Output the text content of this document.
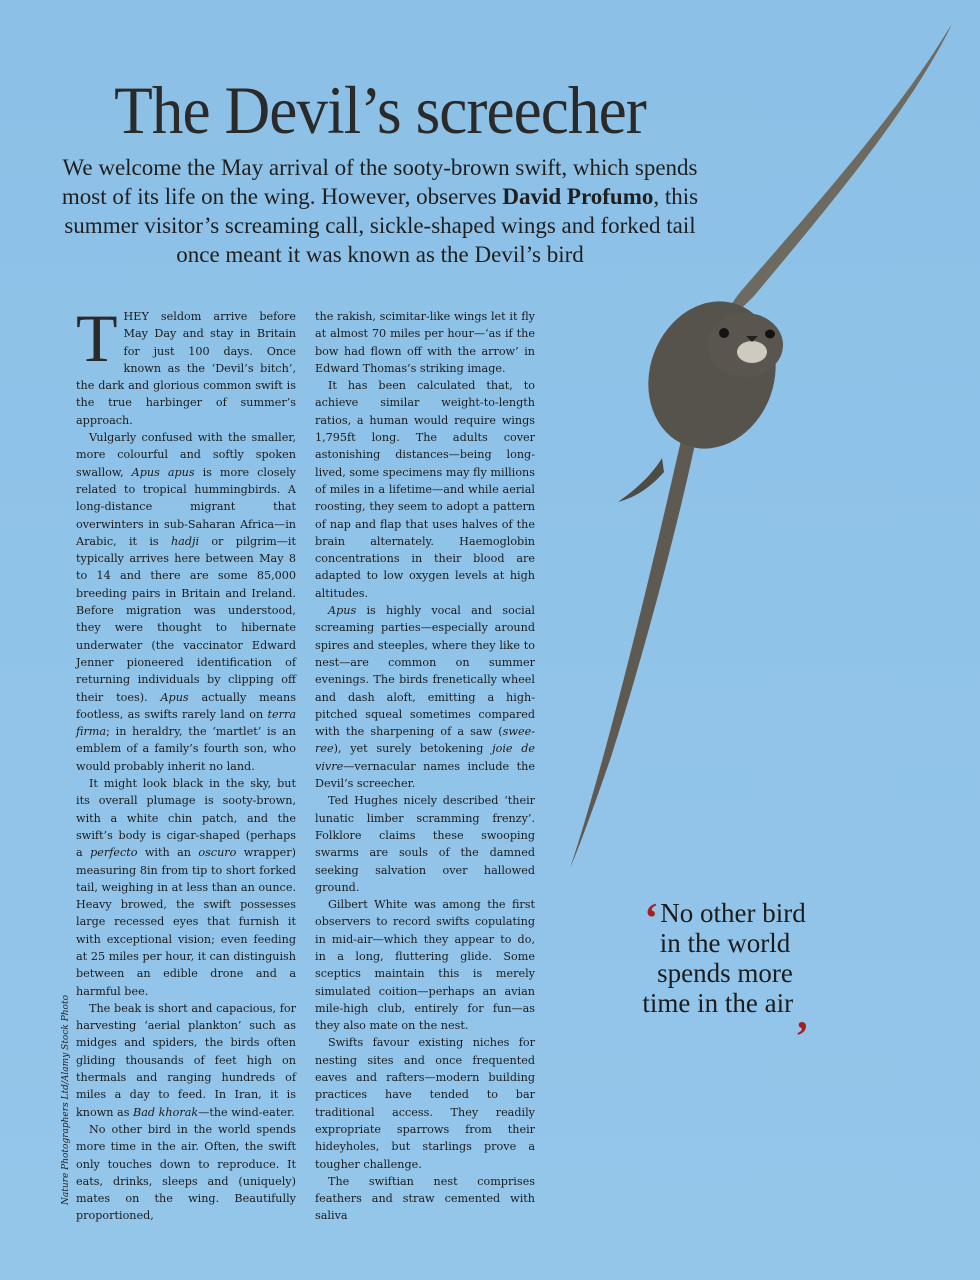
The Devil’s screecher
We welcome the May arrival of the sooty-brown swift, which spends most of its life on the wing. However, observes David Profumo, this summer visitor’s screaming call, sickle-shaped wings and forked tail once meant it was known as the Devil’s bird

THEY seldom arrive before May Day and stay in Britain for just 100 days. Once known as the ‘Devil’s bitch’, the dark and glorious common swift is the true harbinger of summer’s approach.

Vulgarly confused with the smaller, more colourful and softly spoken swallow, Apus apus is more closely related to tropical hummingbirds. A long-distance migrant that overwinters in sub-Saharan Africa—in Arabic, it is hadji or pilgrim—it typically arrives here between May 8 to 14 and there are some 85,000 breeding pairs in Britain and Ireland. Before migration was understood, they were thought to hibernate underwater (the vaccinator Edward Jenner pioneered identification of returning individuals by clipping off their toes). Apus actually means footless, as swifts rarely land on terra firma; in heraldry, the ‘martlet’ is an emblem of a family’s fourth son, who would probably inherit no land.

It might look black in the sky, but its overall plumage is sooty-brown, with a white chin patch, and the swift’s body is cigar-shaped (perhaps a perfecto with an oscuro wrapper) measuring 8in from tip to short forked tail, weighing in at less than an ounce. Heavy browed, the swift possesses large recessed eyes that furnish it with exceptional vision; even feeding at 25 miles per hour, it can distinguish between an edible drone and a harmful bee.

The beak is short and capacious, for harvesting ‘aerial plankton’ such as midges and spiders, the birds often gliding thousands of feet high on thermals and ranging hundreds of miles a day to feed. In Iran, it is known as Bad khorak—the wind-eater.

No other bird in the world spends more time in the air. Often, the swift only touches down to reproduce. It eats, drinks, sleeps and (uniquely) mates on the wing. Beautifully proportioned,

the rakish, scimitar-like wings let it fly at almost 70 miles per hour—‘as if the bow had flown off with the arrow’ in Edward Thomas’s striking image.

It has been calculated that, to achieve similar weight-to-length ratios, a human would require wings 1,795ft long. The adults cover astonishing distances—being long-lived, some specimens may fly millions of miles in a lifetime—and while aerial roosting, they seem to adopt a pattern of nap and flap that uses halves of the brain alternately. Haemoglobin concentrations in their blood are adapted to low oxygen levels at high altitudes.

Apus is highly vocal and social screaming parties—especially around spires and steeples, where they like to nest—are common on summer evenings. The birds frenetically wheel and dash aloft, emitting a high-pitched squeal sometimes compared with the sharpening of a saw (swee-ree), yet surely betokening joie de vivre—vernacular names include the Devil’s screecher.

Ted Hughes nicely described ‘their lunatic limber scramming frenzy’. Folklore claims these swooping swarms are souls of the damned seeking salvation over hallowed ground.

Gilbert White was among the first observers to record swifts copulating in mid-air—which they appear to do, in a long, fluttering glide. Some sceptics maintain this is merely simulated coition—perhaps an avian mile-high club, entirely for fun—as they also mate on the nest.

Swifts favour existing niches for nesting sites and once frequented eaves and rafters—modern building practices have tended to bar traditional access. They readily expropriate sparrows from their hideyholes, but starlings prove a tougher challenge.

The swiftian nest comprises feathers and straw cemented with saliva

Nature Photographers Ltd/Alamy Stock Photo
‘No other bird in the world spends more time in the air,
